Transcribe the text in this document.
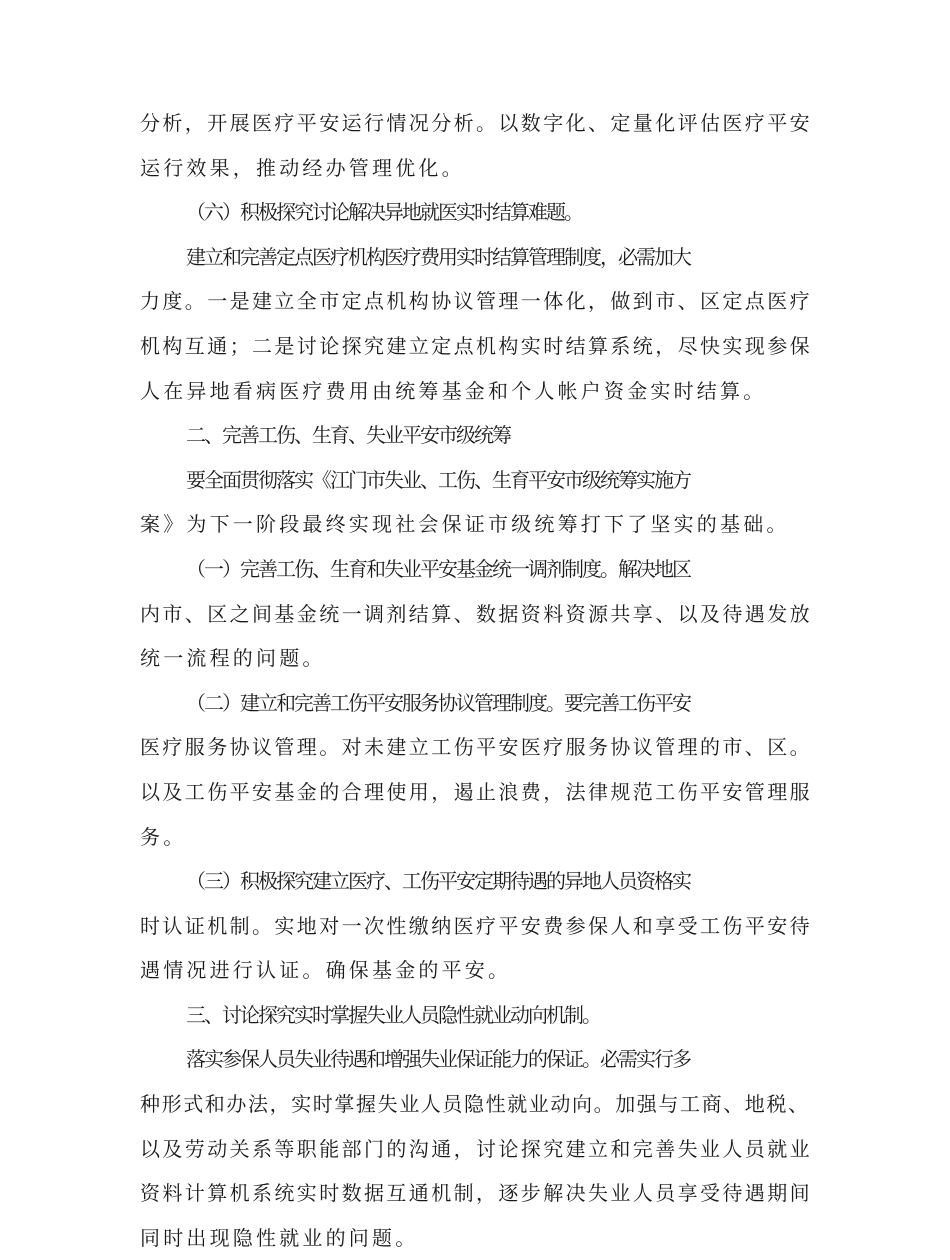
分析，开展医疗平安运行情况分析。以数字化、定量化评估医疗平安
运行效果，推动经办管理优化。
（六）积极探究讨论解决异地就医实时结算难题。
建立和完善定点医疗机构医疗费用实时结算管理制度，必需加大
力度。一是建立全市定点机构协议管理一体化，做到市、区定点医疗
机构互通；二是讨论探究建立定点机构实时结算系统，尽快实现参保
人在异地看病医疗费用由统筹基金和个人帐户资金实时结算。
二、完善工伤、生育、失业平安市级统筹
要全面贯彻落实《江门市失业、工伤、生育平安市级统筹实施方
案》为下一阶段最终实现社会保证市级统筹打下了坚实的基础。
（一）完善工伤、生育和失业平安基金统一调剂制度。解决地区
内市、区之间基金统一调剂结算、数据资料资源共享、以及待遇发放
统一流程的问题。
（二）建立和完善工伤平安服务协议管理制度。要完善工伤平安
医疗服务协议管理。对未建立工伤平安医疗服务协议管理的市、区。
以及工伤平安基金的合理使用，遏止浪费，法律规范工伤平安管理服
务。
（三）积极探究建立医疗、工伤平安定期待遇的异地人员资格实
时认证机制。实地对一次性缴纳医疗平安费参保人和享受工伤平安待
遇情况进行认证。确保基金的平安。
三、讨论探究实时掌握失业人员隐性就业动向机制。
落实参保人员失业待遇和增强失业保证能力的保证。必需实行多
种形式和办法，实时掌握失业人员隐性就业动向。加强与工商、地税、
以及劳动关系等职能部门的沟通，讨论探究建立和完善失业人员就业
资料计算机系统实时数据互通机制，逐步解决失业人员享受待遇期间
同时出现隐性就业的问题。
